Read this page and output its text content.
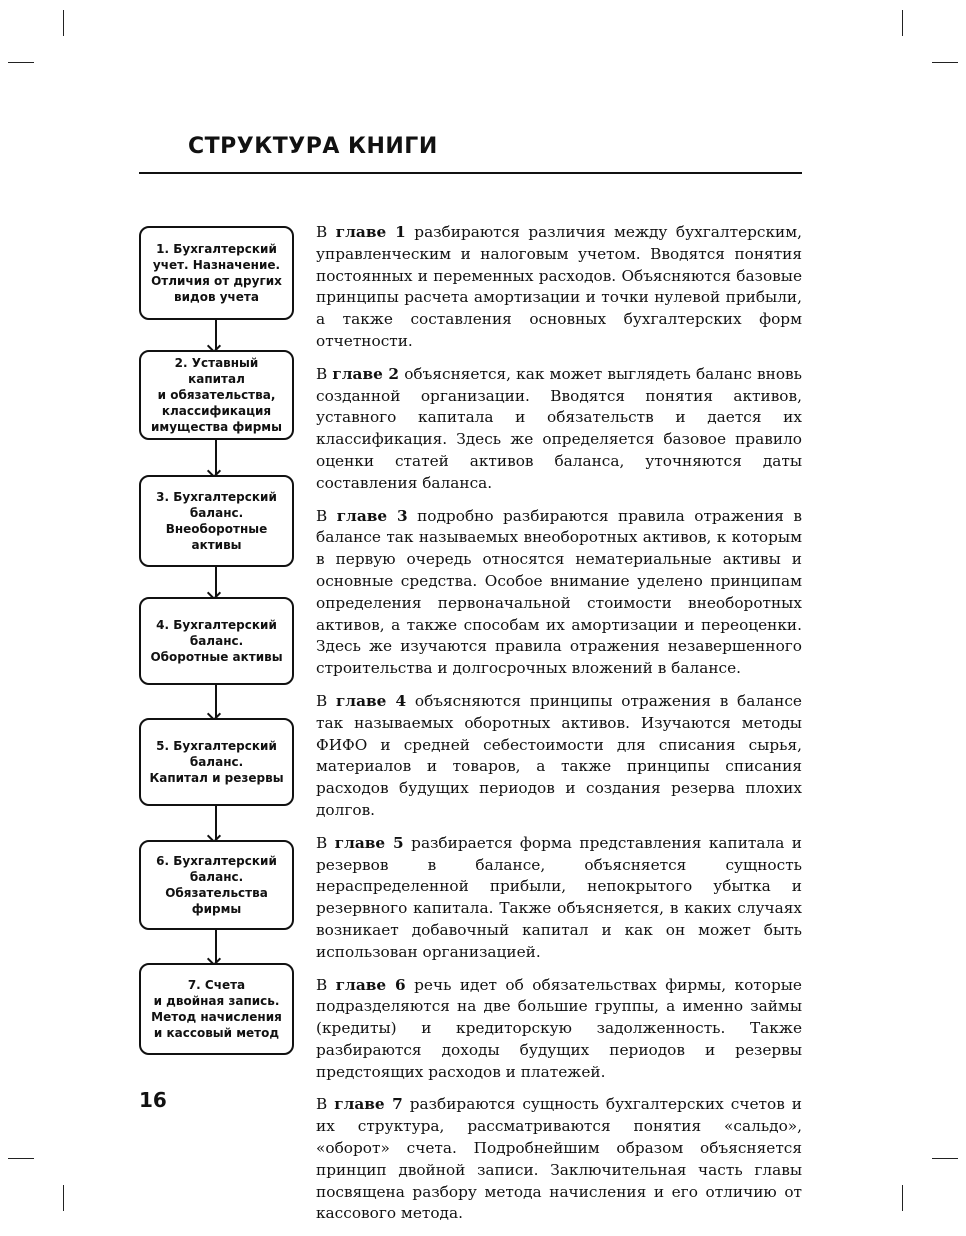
СТРУКТУРА КНИГИ
1. Бухгалтерский
учет. Назначение.
Отличия от других
видов учета
2. Уставный капитал
и обязательства,
классификация
имущества фирмы
3. Бухгалтерский
баланс.
Внеоборотные
активы
4. Бухгалтерский
баланс.
Оборотные активы
5. Бухгалтерский
баланс.
Капитал и резервы
6. Бухгалтерский
баланс.
Обязательства
фирмы
7. Счета
и двойная запись.
Метод начисления
и кассовый метод

В главе 1 разбираются различия между бухгалтерским, управленческим и налоговым учетом. Вводятся понятия постоянных и переменных расходов. Объясняются базовые принципы расчета амортизации и точки нулевой прибыли, а также составления основных бухгалтерских форм отчетности.

В главе 2 объясняется, как может выглядеть баланс вновь созданной организации. Вводятся понятия активов, уставного капитала и обязательств и дается их классификация. Здесь же определяется базовое правило оценки статей активов баланса, уточняются даты составления баланса.

В главе 3 подробно разбираются правила отражения в балансе так называемых внеоборотных активов, к которым в первую очередь относятся нематериальные активы и основные средства. Особое внимание уделено принципам определения первоначальной стоимости внеоборотных активов, а также способам их амортизации и переоценки. Здесь же изучаются правила отражения незавершенного строительства и долгосрочных вложений в балансе.

В главе 4 объясняются принципы отражения в балансе так называемых оборотных активов. Изучаются методы ФИФО и средней себестоимости для списания сырья, материалов и товаров, а также принципы списания расходов будущих периодов и создания резерва плохих долгов.

В главе 5 разбирается форма представления капитала и резервов в балансе, объясняется сущность нераспределенной прибыли, непокрытого убытка и резервного капитала. Также объясняется, в каких случаях возникает добавочный капитал и как он может быть использован организацией.

В главе 6 речь идет об обязательствах фирмы, которые подразделяются на две большие группы, а именно займы (кредиты) и кредиторскую задолженность. Также разбираются доходы будущих периодов и резервы предстоящих расходов и платежей.

В главе 7 разбираются сущность бухгалтерских счетов и их структура, рассматриваются понятия «сальдо», «оборот» счета. Подробнейшим образом объясняется принцип двойной записи. Заключительная часть главы посвящена разбору метода начисления и его отличию от кассового метода.

16
